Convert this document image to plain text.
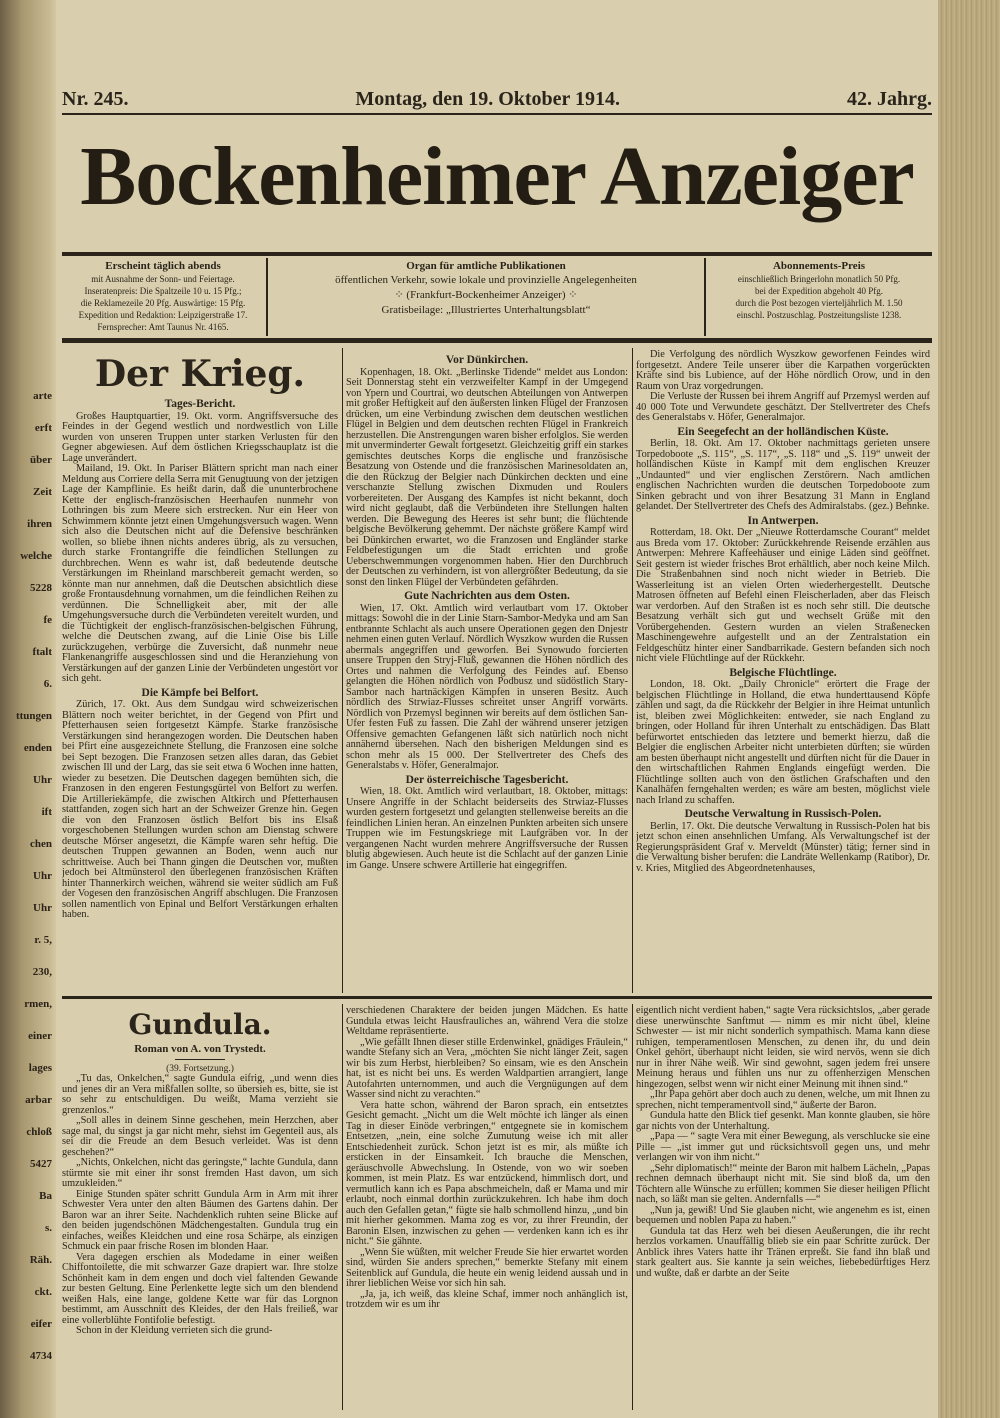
arte
erft
über
Zeit
ihren
welche
5228
fe
ftalt
6.
ttungen
enden
Uhr
ift
chen
Uhr
Uhr
r. 5,
230,
rmen,
einer
lages
arbar
chloß
5427
Ba
s.
Räh.
ckt.
eifer
4734
Nr. 245.	Montag, den 19. Oktober 1914.	42. Jahrg.
Bockenheimer Anzeiger
Erscheint täglich abends
mit Ausnahme der Sonn- und Feiertage.
Inseratenpreis: Die Spaltzeile 10 u. 15 Pfg.;
die Reklamezeile 20 Pfg. Auswärtige: 15 Pfg.
Expedition und Redaktion: Leipzigerstraße 17.
Fernsprecher: Amt Taunus Nr. 4165.
Organ für amtliche Publikationen
öffentlichen Verkehr, sowie lokale und provinzielle Angelegenheiten
⁘ (Frankfurt-Bockenheimer Anzeiger) ⁘
Gratisbeilage: „Illustriertes Unterhaltungsblatt“
Abonnements-Preis
einschließlich Bringerlohn monatlich 50 Pfg.
bei der Expedition abgeholt 40 Pfg.
durch die Post bezogen vierteljährlich M. 1.50
einschl. Postzuschlag. Postzeitungsliste 1238.
Der Krieg.
Tages-Bericht.

Großes Hauptquartier, 19. Okt. vorm. Angriffsversuche des Feindes in der Gegend westlich und nordwestlich von Lille wurden von unseren Truppen unter starken Verlusten für den Gegner abgewiesen. Auf dem östlichen Kriegsschauplatz ist die Lage unverändert.

Mailand, 19. Okt. In Pariser Blättern spricht man nach einer Meldung aus Corriere della Serra mit Genugtuung von der jetzigen Lage der Kampflinie. Es heißt darin, daß die ununterbrochene Kette der englisch-französischen Heerhaufen nunmehr von Lothringen bis zum Meere sich erstrecken. Nur ein Heer von Schwimmern könnte jetzt einen Umgehungsversuch wagen. Wenn sich also die Deutschen nicht auf die Defensive beschränken wollen, so bliebe ihnen nichts anderes übrig, als zu versuchen, durch starke Frontangriffe die feindlichen Stellungen zu durchbrechen. Wenn es wahr ist, daß bedeutende deutsche Verstärkungen im Rheinland marschbereit gemacht werden, so könnte man nur annehmen, daß die Deutschen absichtlich diese große Frontausdehnung vornahmen, um die feindlichen Reihen zu verdünnen. Die Schnelligkeit aber, mit der alle Umgehungsversuche durch die Verbündeten vereitelt wurden, und die Tüchtigkeit der englisch-französischen-belgischen Führung, welche die Deutschen zwang, auf die Linie Oise bis Lille zurückzugehen, verbürge die Zuversicht, daß nunmehr neue Flankenangriffe ausgeschlossen sind und die Heranziehung von Verstärkungen auf der ganzen Linie der Verbündeten ungestört vor sich geht.

Die Kämpfe bei Belfort.

Zürich, 17. Okt. Aus dem Sundgau wird schweizerischen Blättern noch weiter berichtet, in der Gegend von Pfirt und Pfetterhausen seien fortgesetzt Kämpfe. Starke französische Verstärkungen sind herangezogen worden. Die Deutschen haben bei Pfirt eine ausgezeichnete Stellung, die Franzosen eine solche bei Sept bezogen. Die Franzosen setzen alles daran, das Gebiet zwischen Ill und der Larg, das sie seit etwa 6 Wochen inne hatten, wieder zu besetzen. Die Deutschen dagegen bemühten sich, die Franzosen in den engeren Festungsgürtel von Belfort zu werfen. Die Artilleriekämpfe, die zwischen Altkirch und Pfetterhausen stattfanden, zogen sich hart an der Schweizer Grenze hin. Gegen die von den Franzosen östlich Belfort bis ins Elsaß vorgeschobenen Stellungen wurden schon am Dienstag schwere deutsche Mörser angesetzt, die Kämpfe waren sehr heftig. Die deutschen Truppen gewannen an Boden, wenn auch nur schrittweise. Auch bei Thann gingen die Deutschen vor, mußten jedoch bei Altmünsterol den überlegenen französischen Kräften hinter Thannerkirch weichen, während sie weiter südlich am Fuß der Vogesen den französischen Angriff abschlugen. Die Franzosen sollen namentlich von Epinal und Belfort Verstärkungen erhalten haben.

Vor Dünkirchen.

Kopenhagen, 18. Okt. „Berlinske Tidende“ meldet aus London: Seit Donnerstag steht ein verzweifelter Kampf in der Umgegend von Ypern und Courtrai, wo deutschen Abteilungen von Antwerpen mit großer Heftigkeit auf den äußersten linken Flügel der Franzosen drücken, um eine Verbindung zwischen dem deutschen westlichen Flügel in Belgien und dem deutschen rechten Flügel in Frankreich herzustellen. Die Anstrengungen waren bisher erfolglos. Sie werden mit unverminderter Gewalt fortgesetzt. Gleichzeitig griff ein starkes gemischtes deutsches Korps die englische und französische Besatzung von Ostende und die französischen Marinesoldaten an, die den Rückzug der Belgier nach Dünkirchen deckten und eine verschanzte Stellung zwischen Dixmuden und Roulers vorbereiteten. Der Ausgang des Kampfes ist nicht bekannt, doch wird nicht geglaubt, daß die Verbündeten ihre Stellungen halten werden. Die Bewegung des Heeres ist sehr bunt; die flüchtende belgische Bevölkerung gehemmt. Der nächste größere Kampf wird bei Dünkirchen erwartet, wo die Franzosen und Engländer starke Feldbefestigungen um die Stadt errichten und große Ueberschwemmungen vorgenommen haben. Hier den Durchbruch der Deutschen zu verhindern, ist von allergrößter Bedeutung, da sie sonst den linken Flügel der Verbündeten gefährden.

Gute Nachrichten aus dem Osten.

Wien, 17. Okt. Amtlich wird verlautbart vom 17. Oktober mittags: Sowohl die in der Linie Starn-Sambor-Medyka und am San entbrannte Schlacht als auch unsere Operationen gegen den Dnjestr nehmen einen guten Verlauf. Nördlich Wyszkow wurden die Russen abermals angegriffen und geworfen. Bei Synowudo forcierten unsere Truppen den Stryj-Fluß, gewannen die Höhen nördlich des Ortes und nahmen die Verfolgung des Feindes auf. Ebenso gelangten die Höhen nördlich von Podbusz und südöstlich Stary-Sambor nach hartnäckigen Kämpfen in unseren Besitz. Auch nördlich des Strwiaz-Flusses schreitet unser Angriff vorwärts. Nördlich von Przemysl beginnen wir bereits auf dem östlichen San-Ufer festen Fuß zu fassen. Die Zahl der während unserer jetzigen Offensive gemachten Gefangenen läßt sich natürlich noch nicht annähernd übersehen. Nach den bisherigen Meldungen sind es schon mehr als 15 000. Der Stellvertreter des Chefs des Generalstabs v. Höfer, Generalmajor.

Der österreichische Tagesbericht.

Wien, 18. Okt. Amtlich wird verlautbart, 18. Oktober, mittags: Unsere Angriffe in der Schlacht beiderseits des Strwiaz-Flusses wurden gestern fortgesetzt und gelangten stellenweise bereits an die feindlichen Linien heran. An einzelnen Punkten arbeiten sich unsere Truppen wie im Festungskriege mit Laufgräben vor. In der vergangenen Nacht wurden mehrere Angriffsversuche der Russen blutig abgewiesen. Auch heute ist die Schlacht auf der ganzen Linie im Gange. Unsere schwere Artillerie hat eingegriffen.

Die Verfolgung des nördlich Wyszkow geworfenen Feindes wird fortgesetzt. Andere Teile unserer über die Karpathen vorgerückten Kräfte sind bis Lubience, auf der Höhe nördlich Orow, und in den Raum von Uraz vorgedrungen.

Die Verluste der Russen bei ihrem Angriff auf Przemysl werden auf 40 000 Tote und Verwundete geschätzt. Der Stellvertreter des Chefs des Generalstabs v. Höfer, Generalmajor.

Ein Seegefecht an der holländischen Küste.

Berlin, 18. Okt. Am 17. Oktober nachmittags gerieten unsere Torpedoboote „S. 115“, „S. 117“, „S. 118“ und „S. 119“ unweit der holländischen Küste in Kampf mit dem englischen Kreuzer „Undaunted“ und vier englischen Zerstörern. Nach amtlichen englischen Nachrichten wurden die deutschen Torpedoboote zum Sinken gebracht und von ihrer Besatzung 31 Mann in England gelandet. Der Stellvertreter des Chefs des Admiralstabs. (gez.) Behnke.

In Antwerpen.

Rotterdam, 18. Okt. Der „Nieuwe Rotterdamsche Courant“ meldet aus Breda vom 17. Oktober: Zurückkehrende Reisende erzählen aus Antwerpen: Mehrere Kaffeehäuser und einige Läden sind geöffnet. Seit gestern ist wieder frisches Brot erhältlich, aber noch keine Milch. Die Straßenbahnen sind noch nicht wieder in Betrieb. Die Wasserleitung ist an vielen Orten wiederhergestellt. Deutsche Matrosen öffneten auf Befehl einen Fleischerladen, aber das Fleisch war verdorben. Auf den Straßen ist es noch sehr still. Die deutsche Besatzung verhält sich gut und wechselt Grüße mit den Vorübergehenden. Gestern wurden an vielen Straßenecken Maschinengewehre aufgestellt und an der Zentralstation ein Feldgeschütz hinter einer Sandbarrikade. Gestern befanden sich noch nicht viele Flüchtlinge auf der Rückkehr.

Belgische Flüchtlinge.

London, 18. Okt. „Daily Chronicle“ erörtert die Frage der belgischen Flüchtlinge in Holland, die etwa hunderttausend Köpfe zählen und sagt, da die Rückkehr der Belgier in ihre Heimat untunlich ist, bleiben zwei Möglichkeiten: entweder, sie nach England zu bringen, oder Holland für ihren Unterhalt zu entschädigen. Das Blatt befürwortet entschieden das letztere und bemerkt hierzu, daß die Belgier die englischen Arbeiter nicht unterbieten dürften; sie würden am besten überhaupt nicht angestellt und dürften nicht für die Dauer in den wirtschaftlichen Rahmen Englands eingefügt werden. Die Flüchtlinge sollten auch von den östlichen Grafschaften und den Kanalhäfen ferngehalten werden; es wäre am besten, möglichst viele nach Irland zu schaffen.

Deutsche Verwaltung in Russisch-Polen.

Berlin, 17. Okt. Die deutsche Verwaltung in Russisch-Polen hat bis jetzt schon einen ansehnlichen Umfang. Als Verwaltungschef ist der Regierungspräsident Graf v. Merveldt (Münster) tätig; ferner sind in die Verwaltung bisher berufen: die Landräte Wellenkamp (Ratibor), Dr. v. Kries, Mitglied des Abgeordnetenhauses,

Gundula.
Roman von A. von Trystedt.
(39. Fortsetzung.)

„Tu das, Onkelchen,“ sagte Gundula eifrig, „und wenn dies und jenes dir an Vera mißfallen sollte, so übersieh es, bitte, sie ist so sehr zu entschuldigen. Du weißt, Mama verzieht sie grenzenlos.“

„Soll alles in deinem Sinne geschehen, mein Herzchen, aber sage mal, du singst ja gar nicht mehr, siehst im Gegenteil aus, als sei dir die Freude an dem Besuch verleidet. Was ist denn geschehen?“

„Nichts, Onkelchen, nicht das geringste,“ lachte Gundula, dann stürmte sie mit einer ihr sonst fremden Hast davon, um sich umzukleiden.“

Einige Stunden später schritt Gundula Arm in Arm mit ihrer Schwester Vera unter den alten Bäumen des Gartens dahin. Der Baron war an ihrer Seite. Nachdenklich ruhten seine Blicke auf den beiden jugendschönen Mädchengestalten. Gundula trug ein einfaches, weißes Kleidchen und eine rosa Schärpe, als einzigen Schmuck ein paar frische Rosen im blonden Haar.

Vera dagegen erschien als Modedame in einer weißen Chiffontoilette, die mit schwarzer Gaze drapiert war. Ihre stolze Schönheit kam in dem engen und doch viel faltenden Gewande zur besten Geltung. Eine Perlenkette legte sich um den blendend weißen Hals, eine lange, goldene Kette war für das Lorgnon bestimmt, am Ausschnitt des Kleides, der den Hals freiließ, war eine vollerblühte Fontifolie befestigt.

Schon in der Kleidung verrieten sich die grund-

verschiedenen Charaktere der beiden jungen Mädchen. Es hatte Gundula etwas leicht Hausfrauliches an, während Vera die stolze Weltdame repräsentierte.

„Wie gefällt Ihnen dieser stille Erdenwinkel, gnädiges Fräulein,“ wandte Stefany sich an Vera, „möchten Sie nicht länger Zeit, sagen wir bis zum Herbst, hierbleiben? So einsam, wie es den Anschein hat, ist es nicht bei uns. Es werden Waldpartien arrangiert, lange Autofahrten unternommen, und auch die Vergnügungen auf dem Wasser sind nicht zu verachten.“

Vera hatte schon, während der Baron sprach, ein entsetztes Gesicht gemacht. „Nicht um die Welt möchte ich länger als einen Tag in dieser Einöde verbringen,“ entgegnete sie in komischem Entsetzen, „nein, eine solche Zumutung weise ich mit aller Entschiedenheit zurück. Schon jetzt ist es mir, als müßte ich ersticken in der Einsamkeit. Ich brauche die Menschen, geräuschvolle Abwechslung. In Ostende, von wo wir soeben kommen, ist mein Platz. Es war entzückend, himmlisch dort, und vermutlich kann ich es Papa abschmeicheln, daß er Mama und mir erlaubt, noch einmal dorthin zurückzukehren. Ich habe ihm doch auch den Gefallen getan,“ fügte sie halb schmollend hinzu, „und bin mit hierher gekommen. Mama zog es vor, zu ihrer Freundin, der Baronin Elsen, inzwischen zu gehen — verdenken kann ich es ihr nicht.“ Sie gähnte.

„Wenn Sie wüßten, mit welcher Freude Sie hier erwartet worden sind, würden Sie anders sprechen,“ bemerkte Stefany mit einem Seitenblick auf Gundula, die heute ein wenig leidend aussah und in ihrer lieblichen Weise vor sich hin sah.

„Ja, ja, ich weiß, das kleine Schaf, immer noch anhänglich ist, trotzdem wir es um ihr

eigentlich nicht verdient haben,“ sagte Vera rücksichtslos, „aber gerade diese unerwünschte Sanftmut — nimm es mir nicht übel, kleine Schwester — ist mir nicht sonderlich sympathisch. Mama kann diese ruhigen, temperamentlosen Menschen, zu denen ihr, du und dein Onkel gehört, überhaupt nicht leiden, sie wird nervös, wenn sie dich nur in ihrer Nähe weiß. Wir sind gewohnt, sagen jedem frei unsere Meinung heraus und fühlen uns nur zu offenherzigen Menschen hingezogen, selbst wenn wir nicht einer Meinung mit ihnen sind.“

„Ihr Papa gehört aber doch auch zu denen, welche, um mit Ihnen zu sprechen, nicht temperamentvoll sind,“ äußerte der Baron.

Gundula hatte den Blick tief gesenkt. Man konnte glauben, sie höre gar nichts von der Unterhaltung.

„Papa — “ sagte Vera mit einer Bewegung, als verschlucke sie eine Pille — „ist immer gut und rücksichtsvoll gegen uns, und mehr verlangen wir von ihm nicht.“

„Sehr diplomatisch!“ meinte der Baron mit halbem Lächeln, „Papas rechnen demnach überhaupt nicht mit. Sie sind bloß da, um den Töchtern alle Wünsche zu erfüllen; kommen Sie dieser heiligen Pflicht nach, so läßt man sie gelten. Andernfalls —“

„Nun ja, gewiß! Und Sie glauben nicht, wie angenehm es ist, einen bequemen und noblen Papa zu haben.“

Gundula tat das Herz weh bei diesen Aeußerungen, die ihr recht herzlos vorkamen. Unauffällig blieb sie ein paar Schritte zurück. Der Anblick ihres Vaters hatte ihr Tränen erpreßt. Sie fand ihn blaß und stark gealtert aus. Sie kannte ja sein weiches, liebebedürftiges Herz und wußte, daß er darbte an der Seite
